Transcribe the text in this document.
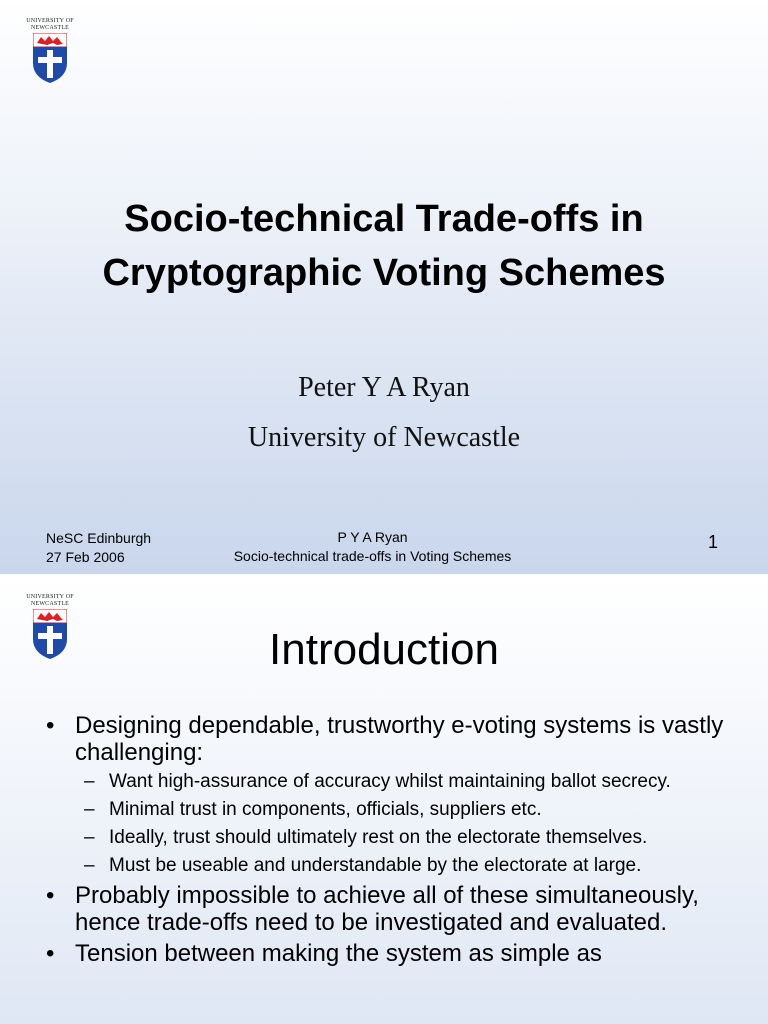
UNIVERSITY OF
NEWCASTLE
Socio-technical Trade-offs in
Cryptographic Voting Schemes
Peter Y A Ryan
University of Newcastle
NeSC Edinburgh
27 Feb 2006
P Y A Ryan
Socio-technical trade-offs in Voting Schemes
1
UNIVERSITY OF
NEWCASTLE
Introduction
• Designing dependable, trustworthy e-voting systems is vastly challenging:
– Want high-assurance of accuracy whilst maintaining ballot secrecy.
– Minimal trust in components, officials, suppliers etc.
– Ideally, trust should ultimately rest on the electorate themselves.
– Must be useable and understandable by the electorate at large.
• Probably impossible to achieve all of these simultaneously, hence trade-offs need to be investigated and evaluated.
• Tension between making the system as simple as
